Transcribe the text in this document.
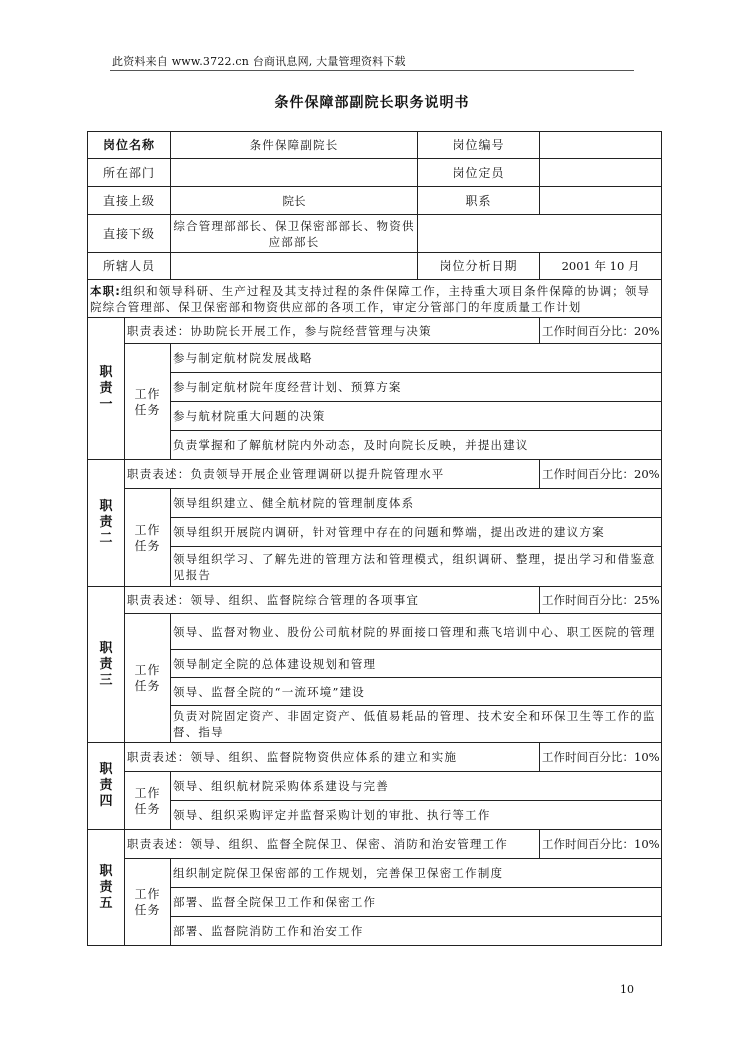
此资料来自 www.3722.cn 台商讯息网, 大量管理资料下载
条件保障部副院长职务说明书
岗位名称		条件保障副院长	岗位编号	
所在部门			岗位定员	
直接上级		院长	职系	
直接下级		综合管理部部长、保卫保密部部长、物资供应部部长		
所辖人员			岗位分析日期	2001 年 10 月
本职:组织和领导科研、生产过程及其支持过程的条件保障工作，主持重大项目条件保障的协调；领导院综合管理部、保卫保密部和物资供应部的各项工作，审定分管部门的年度质量工作计划				
职责一	职责表述：协助院长开展工作，参与院经营管理与决策			工作时间百分比：20%
	工作任务	参与制定航材院发展战略		
		参与制定航材院年度经营计划、预算方案		
		参与航材院重大问题的决策		
		负责掌握和了解航材院内外动态，及时向院长反映，并提出建议		
职责二	职责表述：负责领导开展企业管理调研以提升院管理水平			工作时间百分比：20%
	工作任务	领导组织建立、健全航材院的管理制度体系		
		领导组织开展院内调研，针对管理中存在的问题和弊端，提出改进的建议方案		
		领导组织学习、了解先进的管理方法和管理模式，组织调研、整理，提出学习和借鉴意见报告		
职责三	职责表述：领导、组织、监督院综合管理的各项事宜			工作时间百分比：25%
	工作任务	领导、监督对物业、股份公司航材院的界面接口管理和燕飞培训中心、职工医院的管理		
		领导制定全院的总体建设规划和管理		
		领导、监督全院的“一流环境”建设		
		负责对院固定资产、非固定资产、低值易耗品的管理、技术安全和环保卫生等工作的监督、指导		
职责四	职责表述：领导、组织、监督院物资供应体系的建立和实施			工作时间百分比：10%
	工作任务	领导、组织航材院采购体系建设与完善		
		领导、组织采购评定并监督采购计划的审批、执行等工作		
职责五	职责表述：领导、组织、监督全院保卫、保密、消防和治安管理工作			工作时间百分比：10%
	工作任务	组织制定院保卫保密部的工作规划，完善保卫保密工作制度		
		部署、监督全院保卫工作和保密工作		
		部署、监督院消防工作和治安工作		
10
